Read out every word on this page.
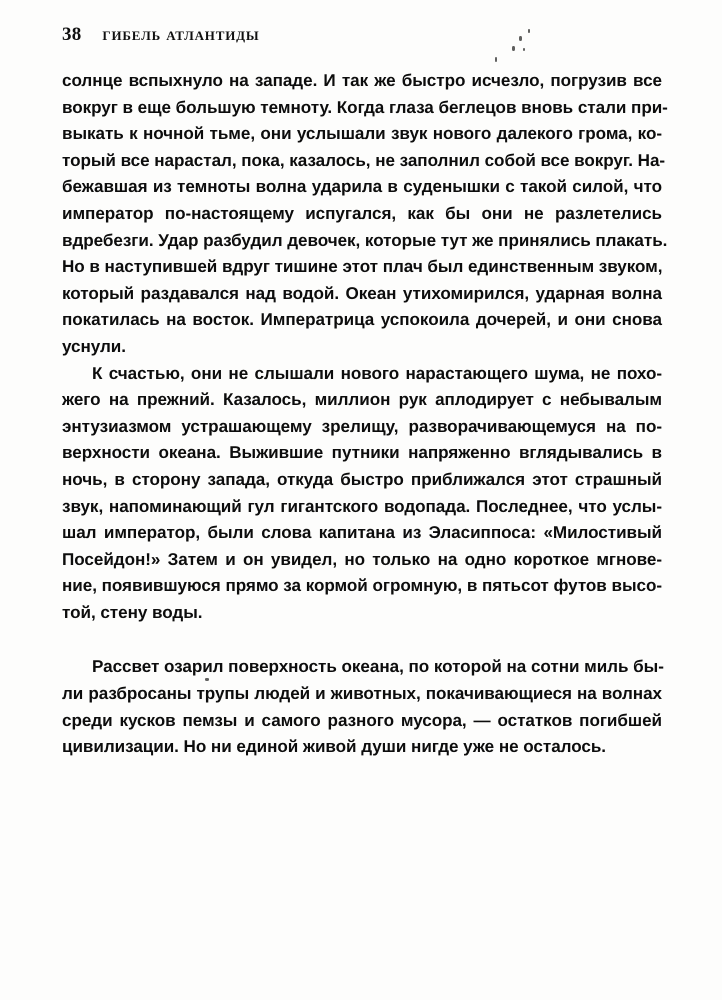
38 гибель атлантиды

солнце вспыхнуло на западе. И так же быстро исчезло, погрузив все
вокруг в еще большую темноту. Когда глаза беглецов вновь стали при-
выкать к ночной тьме, они услышали звук нового далекого грома, ко-
торый все нарастал, пока, казалось, не заполнил собой все вокруг. На-
бежавшая из темноты волна ударила в суденышки с такой силой, что
император по-настоящему испугался, как бы они не разлетелись
вдребезги. Удар разбудил девочек, которые тут же принялись плакать.
Но в наступившей вдруг тишине этот плач был единственным звуком,
который раздавался над водой. Океан утихомирился, ударная волна
покатилась на восток. Императрица успокоила дочерей, и они снова
уснули.

К счастью, они не слышали нового нарастающего шума, не похо-
жего на прежний. Казалось, миллион рук аплодирует с небывалым
энтузиазмом устрашающему зрелищу, разворачивающемуся на по-
верхности океана. Выжившие путники напряженно вглядывались в
ночь, в сторону запада, откуда быстро приближался этот страшный
звук, напоминающий гул гигантского водопада. Последнее, что услы-
шал император, были слова капитана из Эласиппоса: «Милостивый
Посейдон!» Затем и он увидел, но только на одно короткое мгнове-
ние, появившуюся прямо за кормой огромную, в пятьсот футов высо-
той, стену воды.

Рассвет озарил поверхность океана, по которой на сотни миль бы-
ли разбросаны трупы людей и животных, покачивающиеся на волнах
среди кусков пемзы и самого разного мусора, — остатков погибшей
цивилизации. Но ни единой живой души нигде уже не осталось.
